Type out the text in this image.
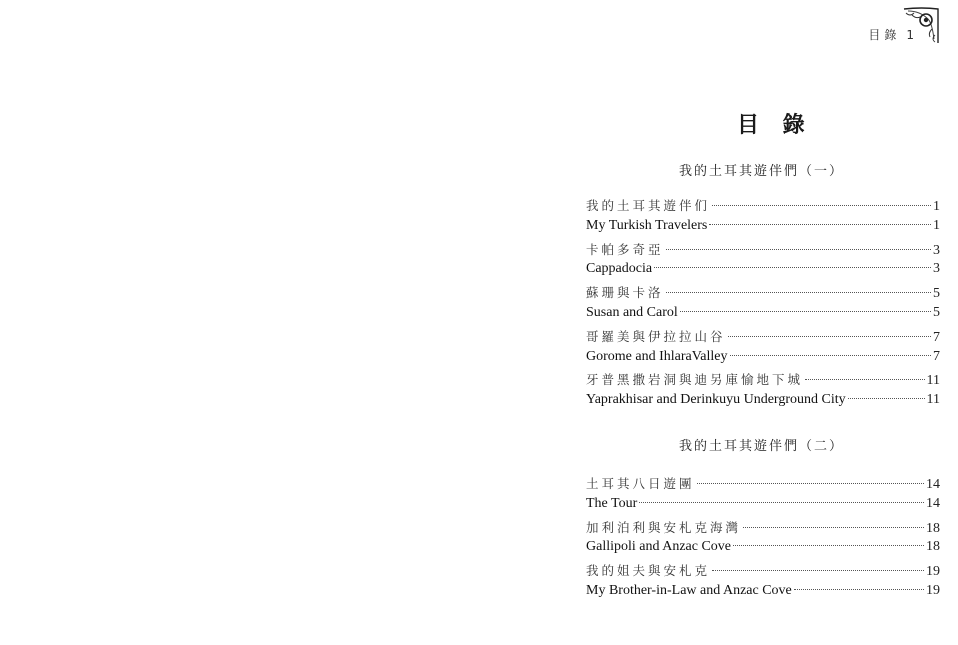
目錄 1
目 錄
我的土耳其遊伴們（一）
我的土耳其遊伴们	1
My Turkish Travelers	1
卡帕多奇亞	3
Cappadocia	3
蘇珊與卡洛	5
Susan and Carol	5
哥羅美與伊拉拉山谷	7
Gorome and IhlaraValley	7
牙普黑撒岩洞與迪另庫愉地下城	11
Yaprakhisar and Derinkuyu Underground City	11
我的土耳其遊伴們（二）
土耳其八日遊團	14
The Tour	14
加利泊利與安札克海灣	18
Gallipoli and Anzac Cove	18
我的姐夫與安札克	19
My Brother-in-Law and Anzac Cove	19
